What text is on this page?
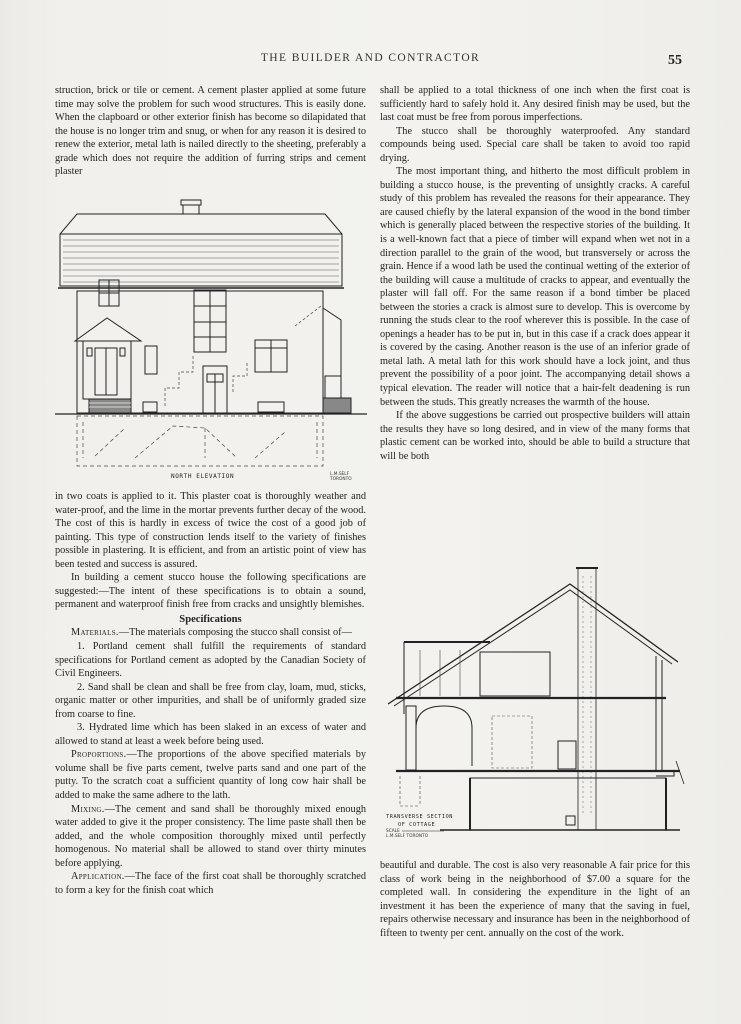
THE BUILDER AND CONTRACTOR	55

struction, brick or tile or cement. A cement plaster applied at some future time may solve the problem for such wood structures. This is easily done. When the clapboard or other exterior finish has become so dilapidated that the house is no longer trim and snug, or when for any reason it is desired to renew the exterior, metal lath is nailed directly to the sheeting, preferably a grade which does not require the addition of furring strips and cement plaster

NORTH ELEVATION	L.M.SELF
TORONTO

in two coats is applied to it. This plaster coat is thoroughly weather and water-proof, and the lime in the mortar prevents further decay of the wood. The cost of this is hardly in excess of twice the cost of a good job of painting. This type of construction lends itself to the variety of finishes possible in plastering. It is efficient, and from an artistic point of view has been tested and success is assured.

In building a cement stucco house the following specifications are suggested:—The intent of these specifications is to obtain a sound, permanent and waterproof finish free from cracks and unsightly blemishes.

Specifications

Materials.—The materials composing the stucco shall consist of—

1. Portland cement shall fulfill the requirements of standard specifications for Portland cement as adopted by the Canadian Society of Civil Engineers.

2. Sand shall be clean and shall be free from clay, loam, mud, sticks, organic matter or other impurities, and shall be of uniformly graded size from coarse to fine.

3. Hydrated lime which has been slaked in an excess of water and allowed to stand at least a week before being used.

Proportions.—The proportions of the above specified materials by volume shall be five parts cement, twelve parts sand and one part of the putty. To the scratch coat a sufficient quantity of long cow hair shall be added to make the same adhere to the lath.

Mixing.—The cement and sand shall be thoroughly mixed enough water added to give it the proper consistency. The lime paste shall then be added, and the whole composition thoroughly mixed until perfectly homogenous. No material shall be allowed to stand over thirty minutes before applying.

Application.—The face of the first coat shall be thoroughly scratched to form a key for the finish coat which

shall be applied to a total thickness of one inch when the first coat is sufficiently hard to safely hold it. Any desired finish may be used, but the last coat must be free from porous imperfections.

The stucco shall be thoroughly waterproofed. Any standard compounds being used. Special care shall be taken to avoid too rapid drying.

The most important thing, and hitherto the most difficult problem in building a stucco house, is the preventing of unsightly cracks. A careful study of this problem has revealed the reasons for their appearance. They are caused chiefly by the lateral expansion of the wood in the bond timber which is generally placed between the respective stories of the building. It is a well-known fact that a piece of timber will expand when wet not in a direction parallel to the grain of the wood, but transversely or across the grain. Hence if a wood lath be used the continual wetting of the exterior of the building will cause a multitude of cracks to appear, and eventually the plaster will fall off. For the same reason if a bond timber be placed between the stories a crack is almost sure to develop. This is overcome by running the studs clear to the roof wherever this is possible. In the case of openings a header has to be put in, but in this case if a crack does appear it is covered by the casing. Another reason is the use of an inferior grade of metal lath. A metal lath for this work should have a lock joint, and thus prevent the possibility of a poor joint. The accompanying detail shows a typical elevation. The reader will notice that a hair-felt deadening is run between the studs. This greatly ncreases the warmth of the house.

If the above suggestions be carried out prospective builders will attain the results they have so long desired, and in view of the many forms that plastic cement can be worked into, should be able to build a structure that will be both

TRANSVERSE SECTION
OF COTTAGE
SCALE
L.M.SELF TORONTO

beautiful and durable. The cost is also very reasonable A fair price for this class of work being in the neighborhood of $7.00 a square for the completed wall. In considering the expenditure in the light of an investment it has been the experience of many that the saving in fuel, repairs otherwise necessary and insurance has been in the neighborhood of fifteen to twenty per cent. annually on the cost of the work.
